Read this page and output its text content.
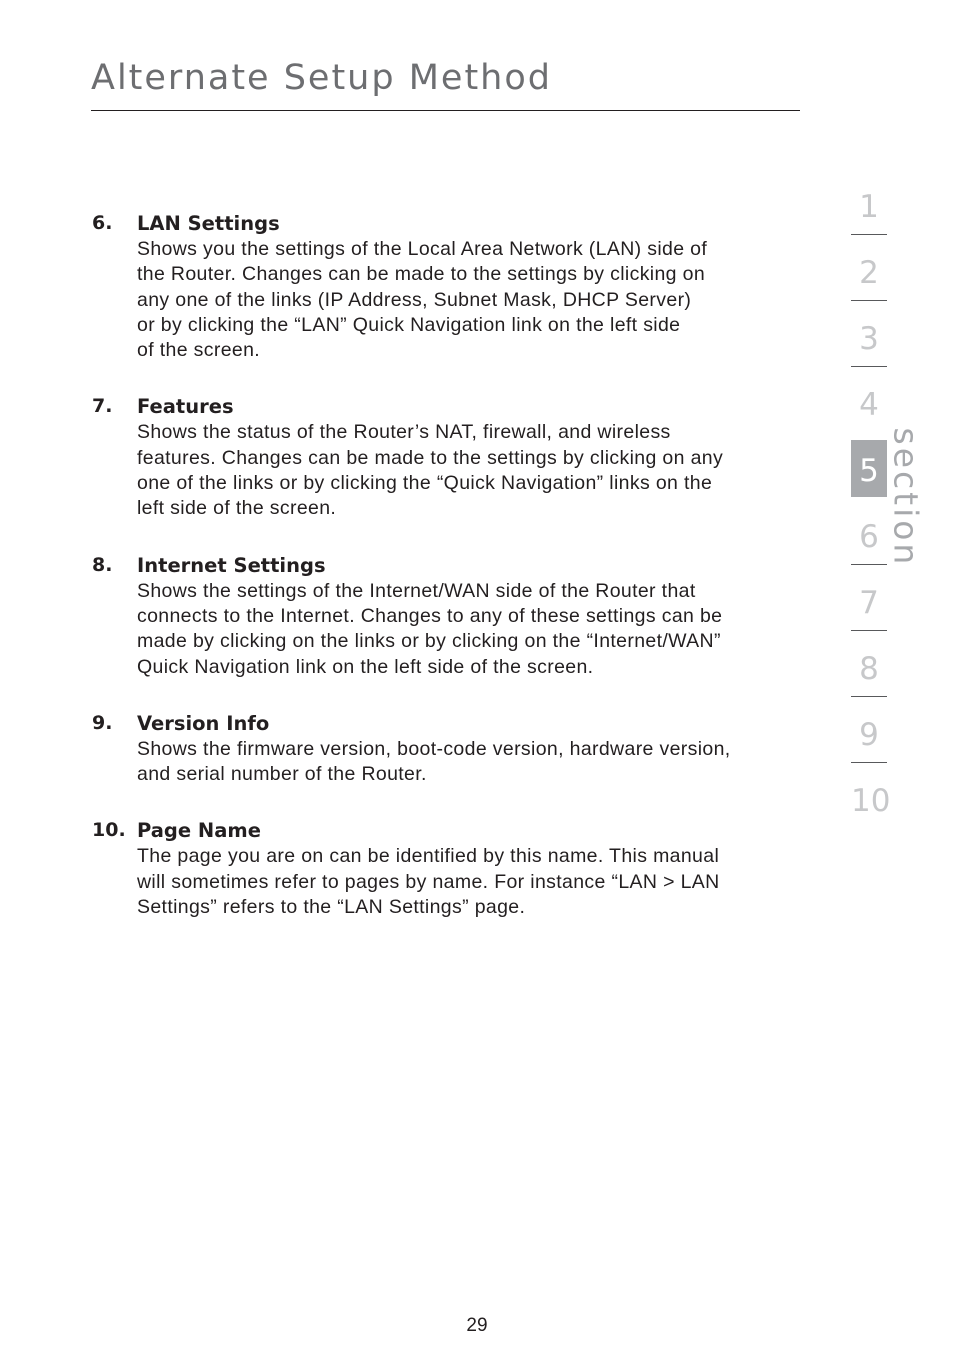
Alternate Setup Method
6. LAN Settings
Shows you the settings of the Local Area Network (LAN) side of
the Router. Changes can be made to the settings by clicking on
any one of the links (IP Address, Subnet Mask, DHCP Server)
or by clicking the “LAN” Quick Navigation link on the left side
of the screen.
7. Features
Shows the status of the Router’s NAT, firewall, and wireless
features. Changes can be made to the settings by clicking on any
one of the links or by clicking the “Quick Navigation” links on the
left side of the screen.
8. Internet Settings
Shows the settings of the Internet/WAN side of the Router that
connects to the Internet. Changes to any of these settings can be
made by clicking on the links or by clicking on the “Internet/WAN”
Quick Navigation link on the left side of the screen.
9. Version Info
Shows the firmware version, boot-code version, hardware version,
and serial number of the Router.
10. Page Name
The page you are on can be identified by this name. This manual
will sometimes refer to pages by name. For instance “LAN > LAN
Settings” refers to the “LAN Settings” page.
1
2
3
4
5
6
7
8
9
10
section
29
